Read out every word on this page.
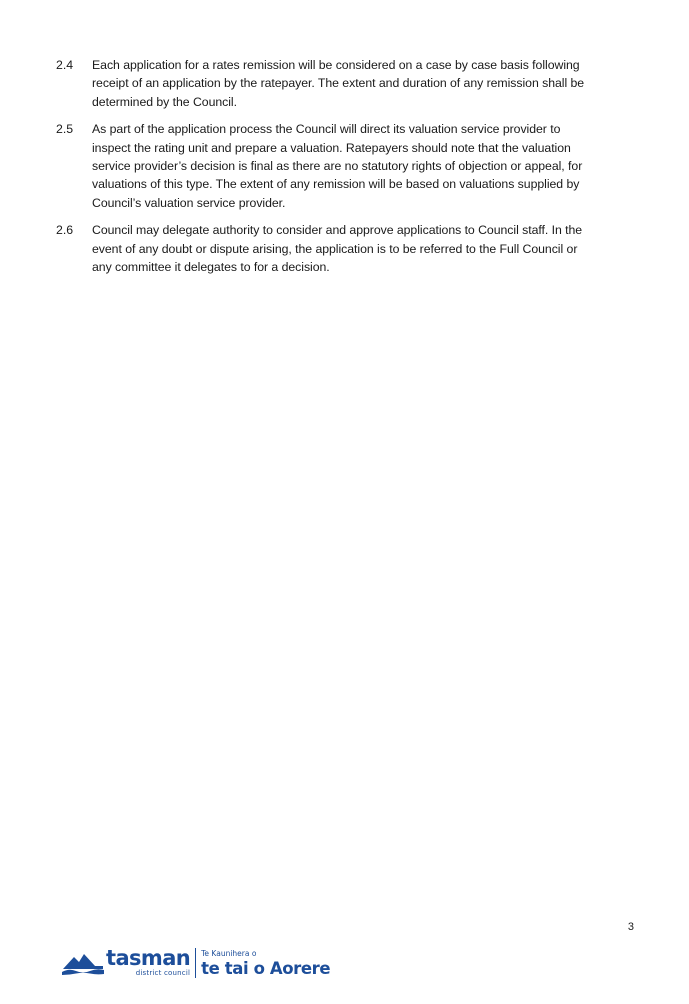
2.4	Each application for a rates remission will be considered on a case by case basis following
receipt of an application by the ratepayer. The extent and duration of any remission shall be
determined by the Council.
2.5	As part of the application process the Council will direct its valuation service provider to
inspect the rating unit and prepare a valuation. Ratepayers should note that the valuation
service provider’s decision is final as there are no statutory rights of objection or appeal, for
valuations of this type. The extent of any remission will be based on valuations supplied by
Council’s valuation service provider.
2.6	Council may delegate authority to consider and approve applications to Council staff. In the
event of any doubt or dispute arising, the application is to be referred to the Full Council or
any committee it delegates to for a decision.
3
tasman
district council
Te Kaunihera o
te tai o Aorere
